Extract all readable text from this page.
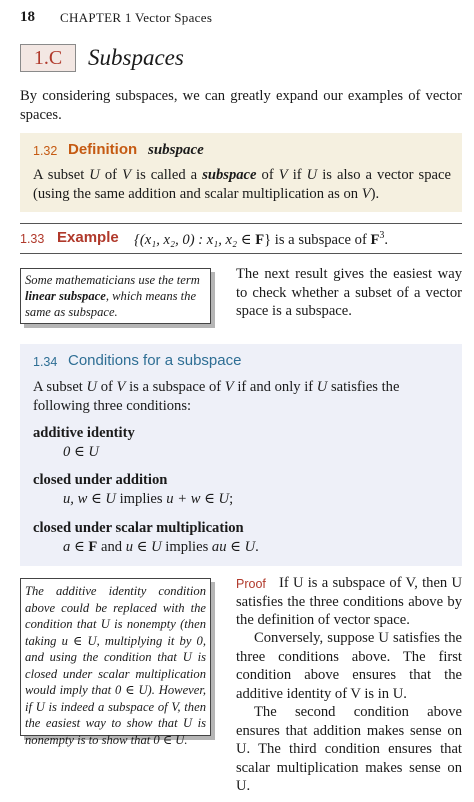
18 CHAPTER 1 Vector Spaces
1.C	Subspaces
By considering subspaces, we can greatly expand our examples of vector spaces.
1.32 Definition subspace
A subset U of V is called a subspace of V if U is also a vector space (using the same addition and scalar multiplication as on V).
1.33 Example {(x₁, x₂, 0) : x₁, x₂ ∈ F} is a subspace of $F^3$.
Some mathematicians use the term linear subspace, which means the same as subspace.
The next result gives the easiest way to check whether a subset of a vector space is a subspace.
1.34 Conditions for a subspace
A subset U of V is a subspace of V if and only if U satisfies the following three conditions:
additive identity
0 ∈ U
closed under addition
u, w ∈ U implies u + w ∈ U;
closed under scalar multiplication
a ∈ F and u ∈ U implies au ∈ U.
The additive identity condition above could be replaced with the condition that U is nonempty (then taking u ∈ U, multiplying it by 0, and using the condition that U is closed under scalar multiplication would imply that 0 ∈ U). However, if U is indeed a subspace of V, then the easiest way to show that U is nonempty is to show that 0 ∈ U.
Proof If U is a subspace of V, then U satisfies the three conditions above by the definition of vector space.
Conversely, suppose U satisfies the three conditions above. The first condition above ensures that the additive identity of V is in U.
The second condition above ensures that addition makes sense on U. The third condition ensures that scalar multiplication makes sense on U.
